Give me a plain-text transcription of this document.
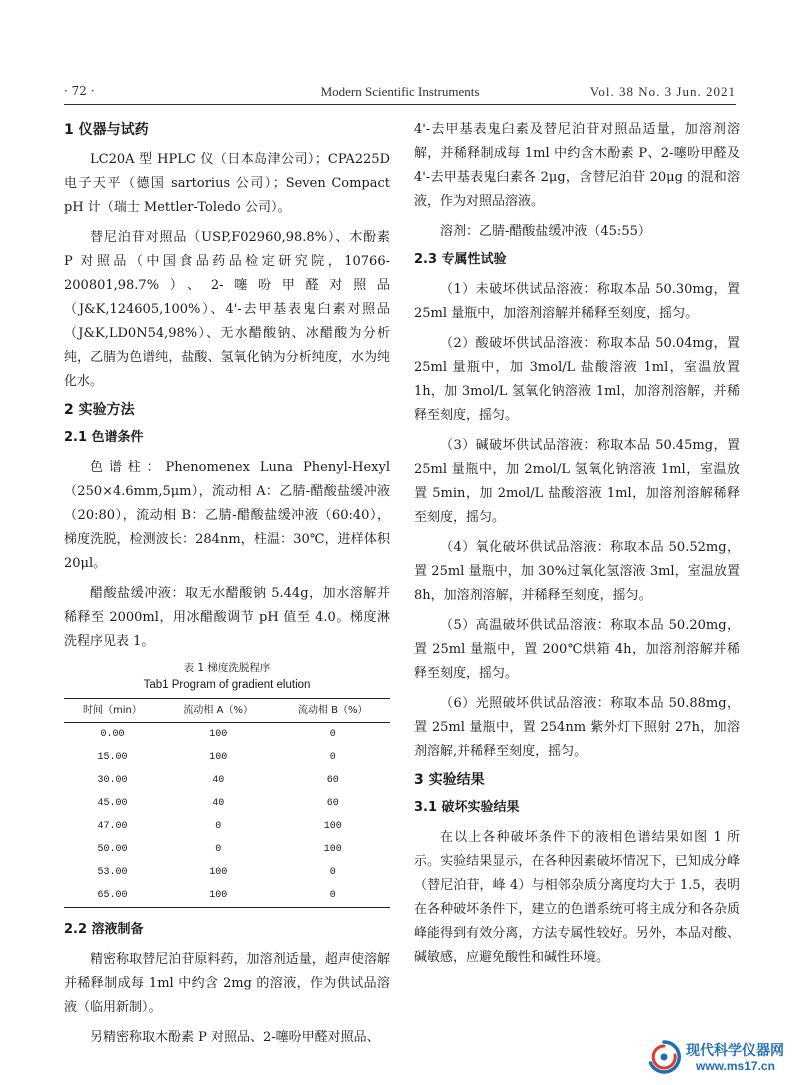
· 72 ·	Modern Scientific Instruments	Vol. 38 No. 3 Jun. 2021
1 仪器与试药
LC20A 型 HPLC 仪（日本岛津公司）；CPA225D 电子天平（德国 sartorius 公司）；Seven Compact pH 计（瑞士 Mettler-Toledo 公司）。
替尼泊苷对照品（USP,F02960,98.8%）、木酚素 P 对照品（中国食品药品检定研究院，10766-200801,98.7%）、2-噻吩甲醛对照品（J&K,124605,100%）、4'-去甲基表鬼臼素对照品（J&K,LD0N54,98%）、无水醋酸钠、冰醋酸为分析纯，乙腈为色谱纯，盐酸、氢氧化钠为分析纯度，水为纯化水。
2 实验方法
2.1 色谱条件
色谱柱：Phenomenex Luna Phenyl-Hexyl（250×4.6mm,5μm），流动相 A：乙腈-醋酸盐缓冲液（20:80），流动相 B：乙腈-醋酸盐缓冲液（60:40），梯度洗脱，检测波长：284nm，柱温：30℃，进样体积 20μl。
醋酸盐缓冲液：取无水醋酸钠 5.44g，加水溶解并稀释至 2000ml，用冰醋酸调节 pH 值至 4.0。梯度淋洗程序见表 1。
表 1 梯度洗脱程序
Tab1 Program of gradient elution
时间（min）	流动相 A（%）	流动相 B（%）
0.00	100	0
15.00	100	0
30.00	40	60
45.00	40	60
47.00	0	100
50.00	0	100
53.00	100	0
65.00	100	0
2.2 溶液制备
精密称取替尼泊苷原料药，加溶剂适量，超声使溶解并稀释制成每 1ml 中约含 2mg 的溶液，作为供试品溶液（临用新制）。
另精密称取木酚素 P 对照品、2-噻吩甲醛对照品、
4'-去甲基表鬼臼素及替尼泊苷对照品适量，加溶剂溶解，并稀释制成每 1ml 中约含木酚素 P、2-噻吩甲醛及 4'-去甲基表鬼臼素各 2μg，含替尼泊苷 20μg 的混和溶液，作为对照品溶液。
溶剂：乙腈-醋酸盐缓冲液（45:55）
2.3 专属性试验
（1）未破坏供试品溶液：称取本品 50.30mg，置 25ml 量瓶中，加溶剂溶解并稀释至刻度，摇匀。
（2）酸破坏供试品溶液：称取本品 50.04mg，置 25ml 量瓶中，加 3mol/L 盐酸溶液 1ml，室温放置 1h，加 3mol/L 氢氧化钠溶液 1ml，加溶剂溶解，并稀释至刻度，摇匀。
（3）碱破坏供试品溶液：称取本品 50.45mg，置 25ml 量瓶中，加 2mol/L 氢氧化钠溶液 1ml，室温放置 5min，加 2mol/L 盐酸溶液 1ml，加溶剂溶解稀释至刻度，摇匀。
（4）氧化破坏供试品溶液：称取本品 50.52mg，置 25ml 量瓶中，加 30%过氧化氢溶液 3ml，室温放置 8h，加溶剂溶解，并稀释至刻度，摇匀。
（5）高温破坏供试品溶液：称取本品 50.20mg，置 25ml 量瓶中，置 200℃烘箱 4h，加溶剂溶解并稀释至刻度，摇匀。
（6）光照破坏供试品溶液：称取本品 50.88mg，置 25ml 量瓶中，置 254nm 紫外灯下照射 27h，加溶剂溶解,并稀释至刻度，摇匀。
3 实验结果
3.1 破坏实验结果
在以上各种破坏条件下的液相色谱结果如图 1 所示。实验结果显示，在各种因素破坏情况下，已知成分峰（替尼泊苷，峰 4）与相邻杂质分离度均大于 1.5，表明在各种破坏条件下，建立的色谱系统可将主成分和各杂质峰能得到有效分离，方法专属性较好。另外，本品对酸、碱敏感，应避免酸性和碱性环境。
现代科学仪器网
www.ms17.cn
